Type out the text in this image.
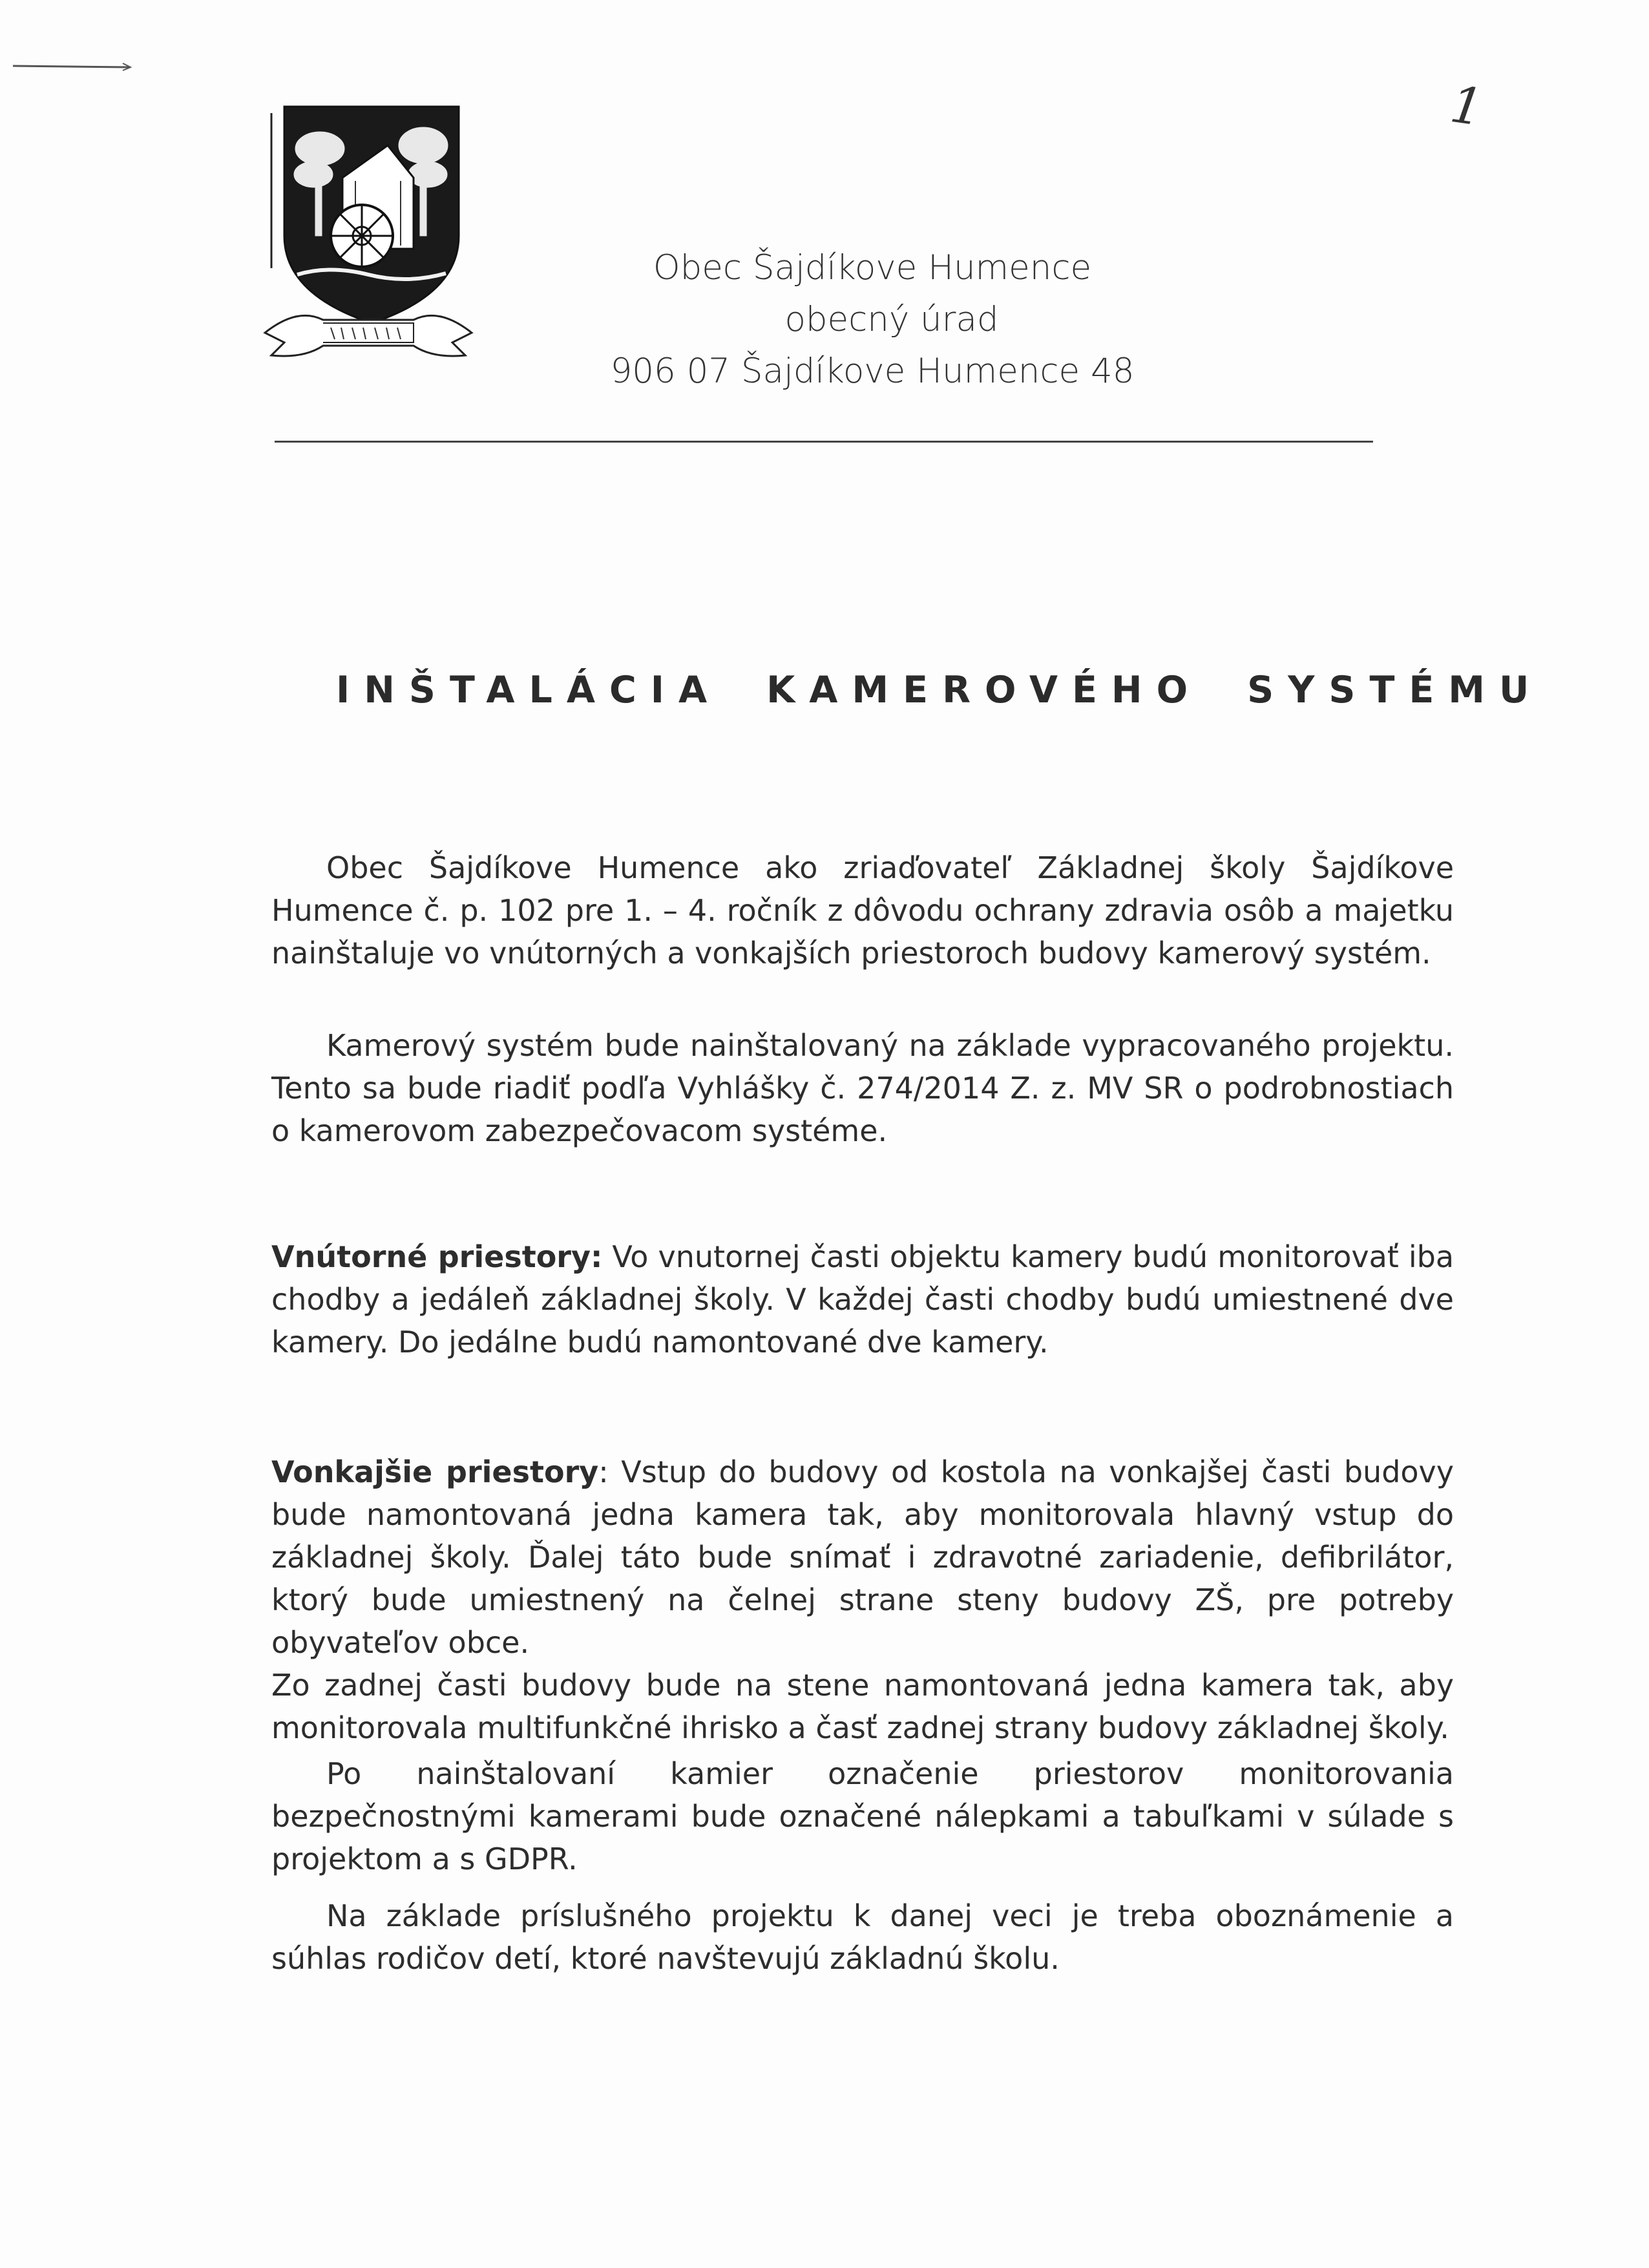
1
Obec Šajdíkove Humence
obecný úrad
906 07 Šajdíkove Humence 48
INŠTALÁCIA KAMEROVÉHO SYSTÉMU

Obec Šajdíkove Humence ako zriaďovateľ Základnej školy Šajdíkove Humence č. p. 102 pre 1. – 4. ročník z dôvodu ochrany zdravia osôb a majetku nainštaluje vo vnútorných a vonkajších priestoroch budovy kamerový systém.

Kamerový systém bude nainštalovaný na základe vypracovaného projektu. Tento sa bude riadiť podľa Vyhlášky č. 274/2014 Z. z. MV SR o podrobnostiach o kamerovom zabezpečovacom systéme.

Vnútorné priestory: Vo vnutornej časti objektu kamery budú monitorovať iba chodby a jedáleň základnej školy. V každej časti chodby budú umiestnené dve kamery. Do jedálne budú namontované dve kamery.

Vonkajšie priestory: Vstup do budovy od kostola na vonkajšej časti budovy bude namontovaná jedna kamera tak, aby monitorovala hlavný vstup do základnej školy. Ďalej táto bude snímať i zdravotné zariadenie, defibrilátor, ktorý bude umiestnený na čelnej strane steny budovy ZŠ, pre potreby obyvateľov obce.

Zo zadnej časti budovy bude na stene namontovaná jedna kamera tak, aby monitorovala multifunkčné ihrisko a časť zadnej strany budovy základnej školy.

Po nainštalovaní kamier označenie priestorov monitorovania bezpečnostnými kamerami bude označené nálepkami a tabuľkami v súlade s projektom a s GDPR.

Na základe príslušného projektu k danej veci je treba oboznámenie a súhlas rodičov detí, ktoré navštevujú základnú školu.
